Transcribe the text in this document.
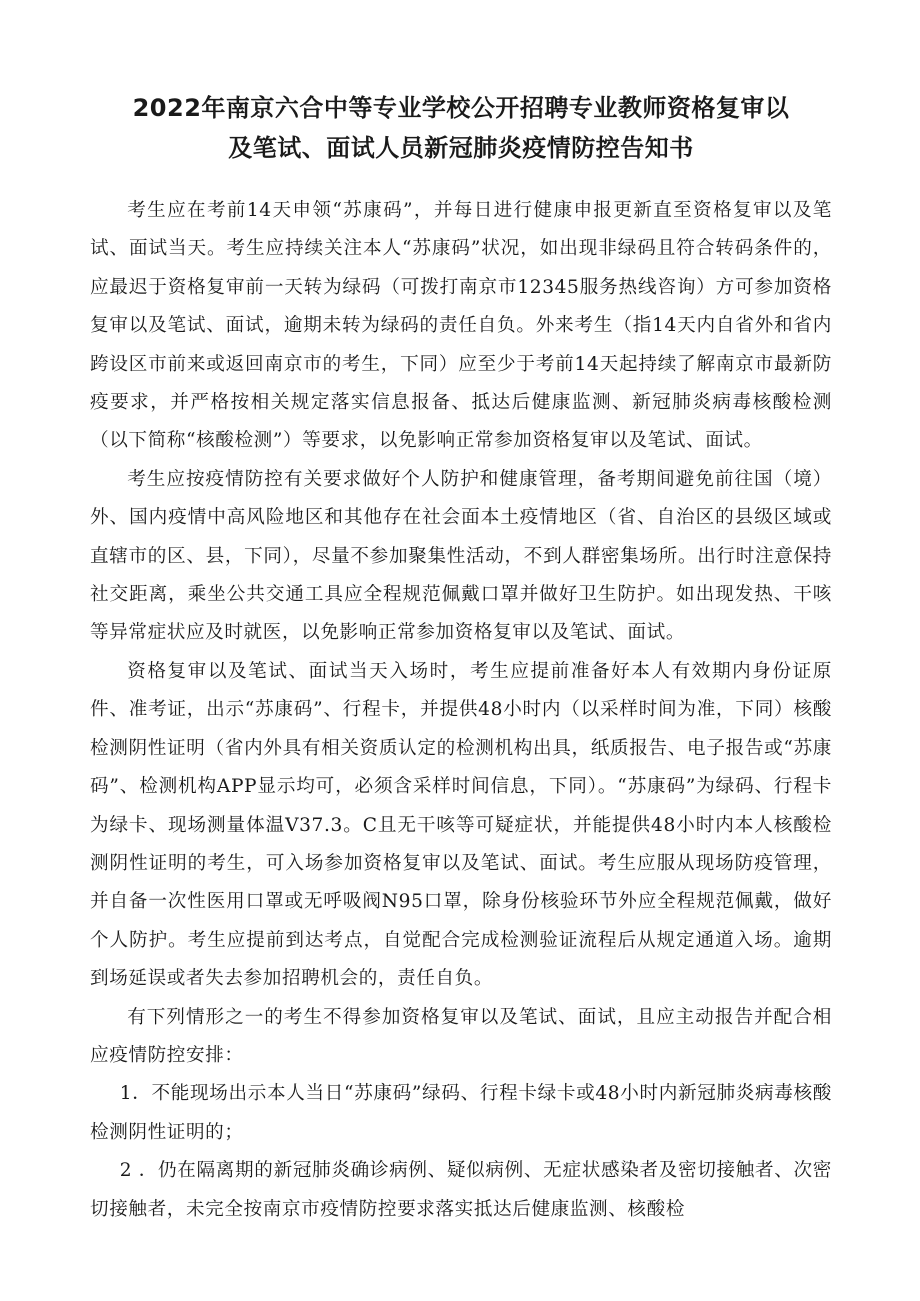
2022年南京六合中等专业学校公开招聘专业教师资格复审以
及笔试、面试人员新冠肺炎疫情防控告知书

考生应在考前14天申领“苏康码”，并每日进行健康申报更新直至资格复审以及笔试、面试当天。考生应持续关注本人“苏康码”状况，如出现非绿码且符合转码条件的，应最迟于资格复审前一天转为绿码（可拨打南京市12345服务热线咨询）方可参加资格复审以及笔试、面试，逾期未转为绿码的责任自负。外来考生（指14天内自省外和省内跨设区市前来或返回南京市的考生，下同）应至少于考前14天起持续了解南京市最新防疫要求，并严格按相关规定落实信息报备、抵达后健康监测、新冠肺炎病毒核酸检测（以下简称“核酸检测”）等要求，以免影响正常参加资格复审以及笔试、面试。

考生应按疫情防控有关要求做好个人防护和健康管理，备考期间避免前往国（境）外、国内疫情中高风险地区和其他存在社会面本土疫情地区（省、自治区的县级区域或直辖市的区、县，下同），尽量不参加聚集性活动，不到人群密集场所。出行时注意保持社交距离，乘坐公共交通工具应全程规范佩戴口罩并做好卫生防护。如出现发热、干咳等异常症状应及时就医，以免影响正常参加资格复审以及笔试、面试。

资格复审以及笔试、面试当天入场时，考生应提前准备好本人有效期内身份证原件、准考证，出示“苏康码”、行程卡，并提供48小时内（以采样时间为准，下同）核酸检测阴性证明（省内外具有相关资质认定的检测机构出具，纸质报告、电子报告或“苏康码”、检测机构APP显示均可，必须含采样时间信息，下同）。“苏康码”为绿码、行程卡为绿卡、现场测量体温V37.3。C且无干咳等可疑症状，并能提供48小时内本人核酸检测阴性证明的考生，可入场参加资格复审以及笔试、面试。考生应服从现场防疫管理，并自备一次性医用口罩或无呼吸阀N95口罩，除身份核验环节外应全程规范佩戴，做好个人防护。考生应提前到达考点，自觉配合完成检测验证流程后从规定通道入场。逾期到场延误或者失去参加招聘机会的，责任自负。

有下列情形之一的考生不得参加资格复审以及笔试、面试，且应主动报告并配合相应疫情防控安排：

1．不能现场出示本人当日“苏康码”绿码、行程卡绿卡或48小时内新冠肺炎病毒核酸检测阴性证明的；

2 ．仍在隔离期的新冠肺炎确诊病例、疑似病例、无症状感染者及密切接触者、次密切接触者，未完全按南京市疫情防控要求落实抵达后健康监测、核酸检
